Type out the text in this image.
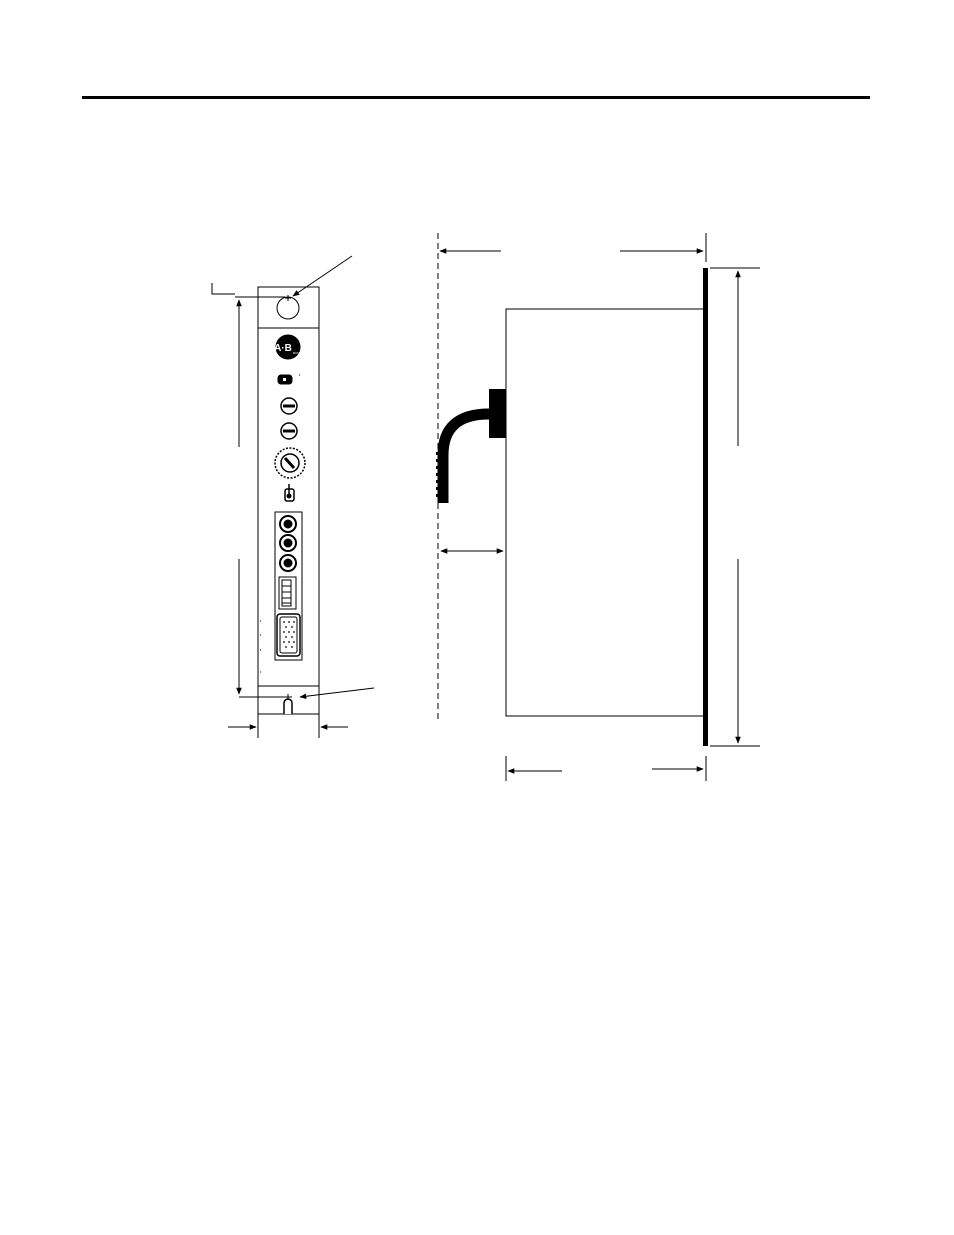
A·B ROCKWELL
